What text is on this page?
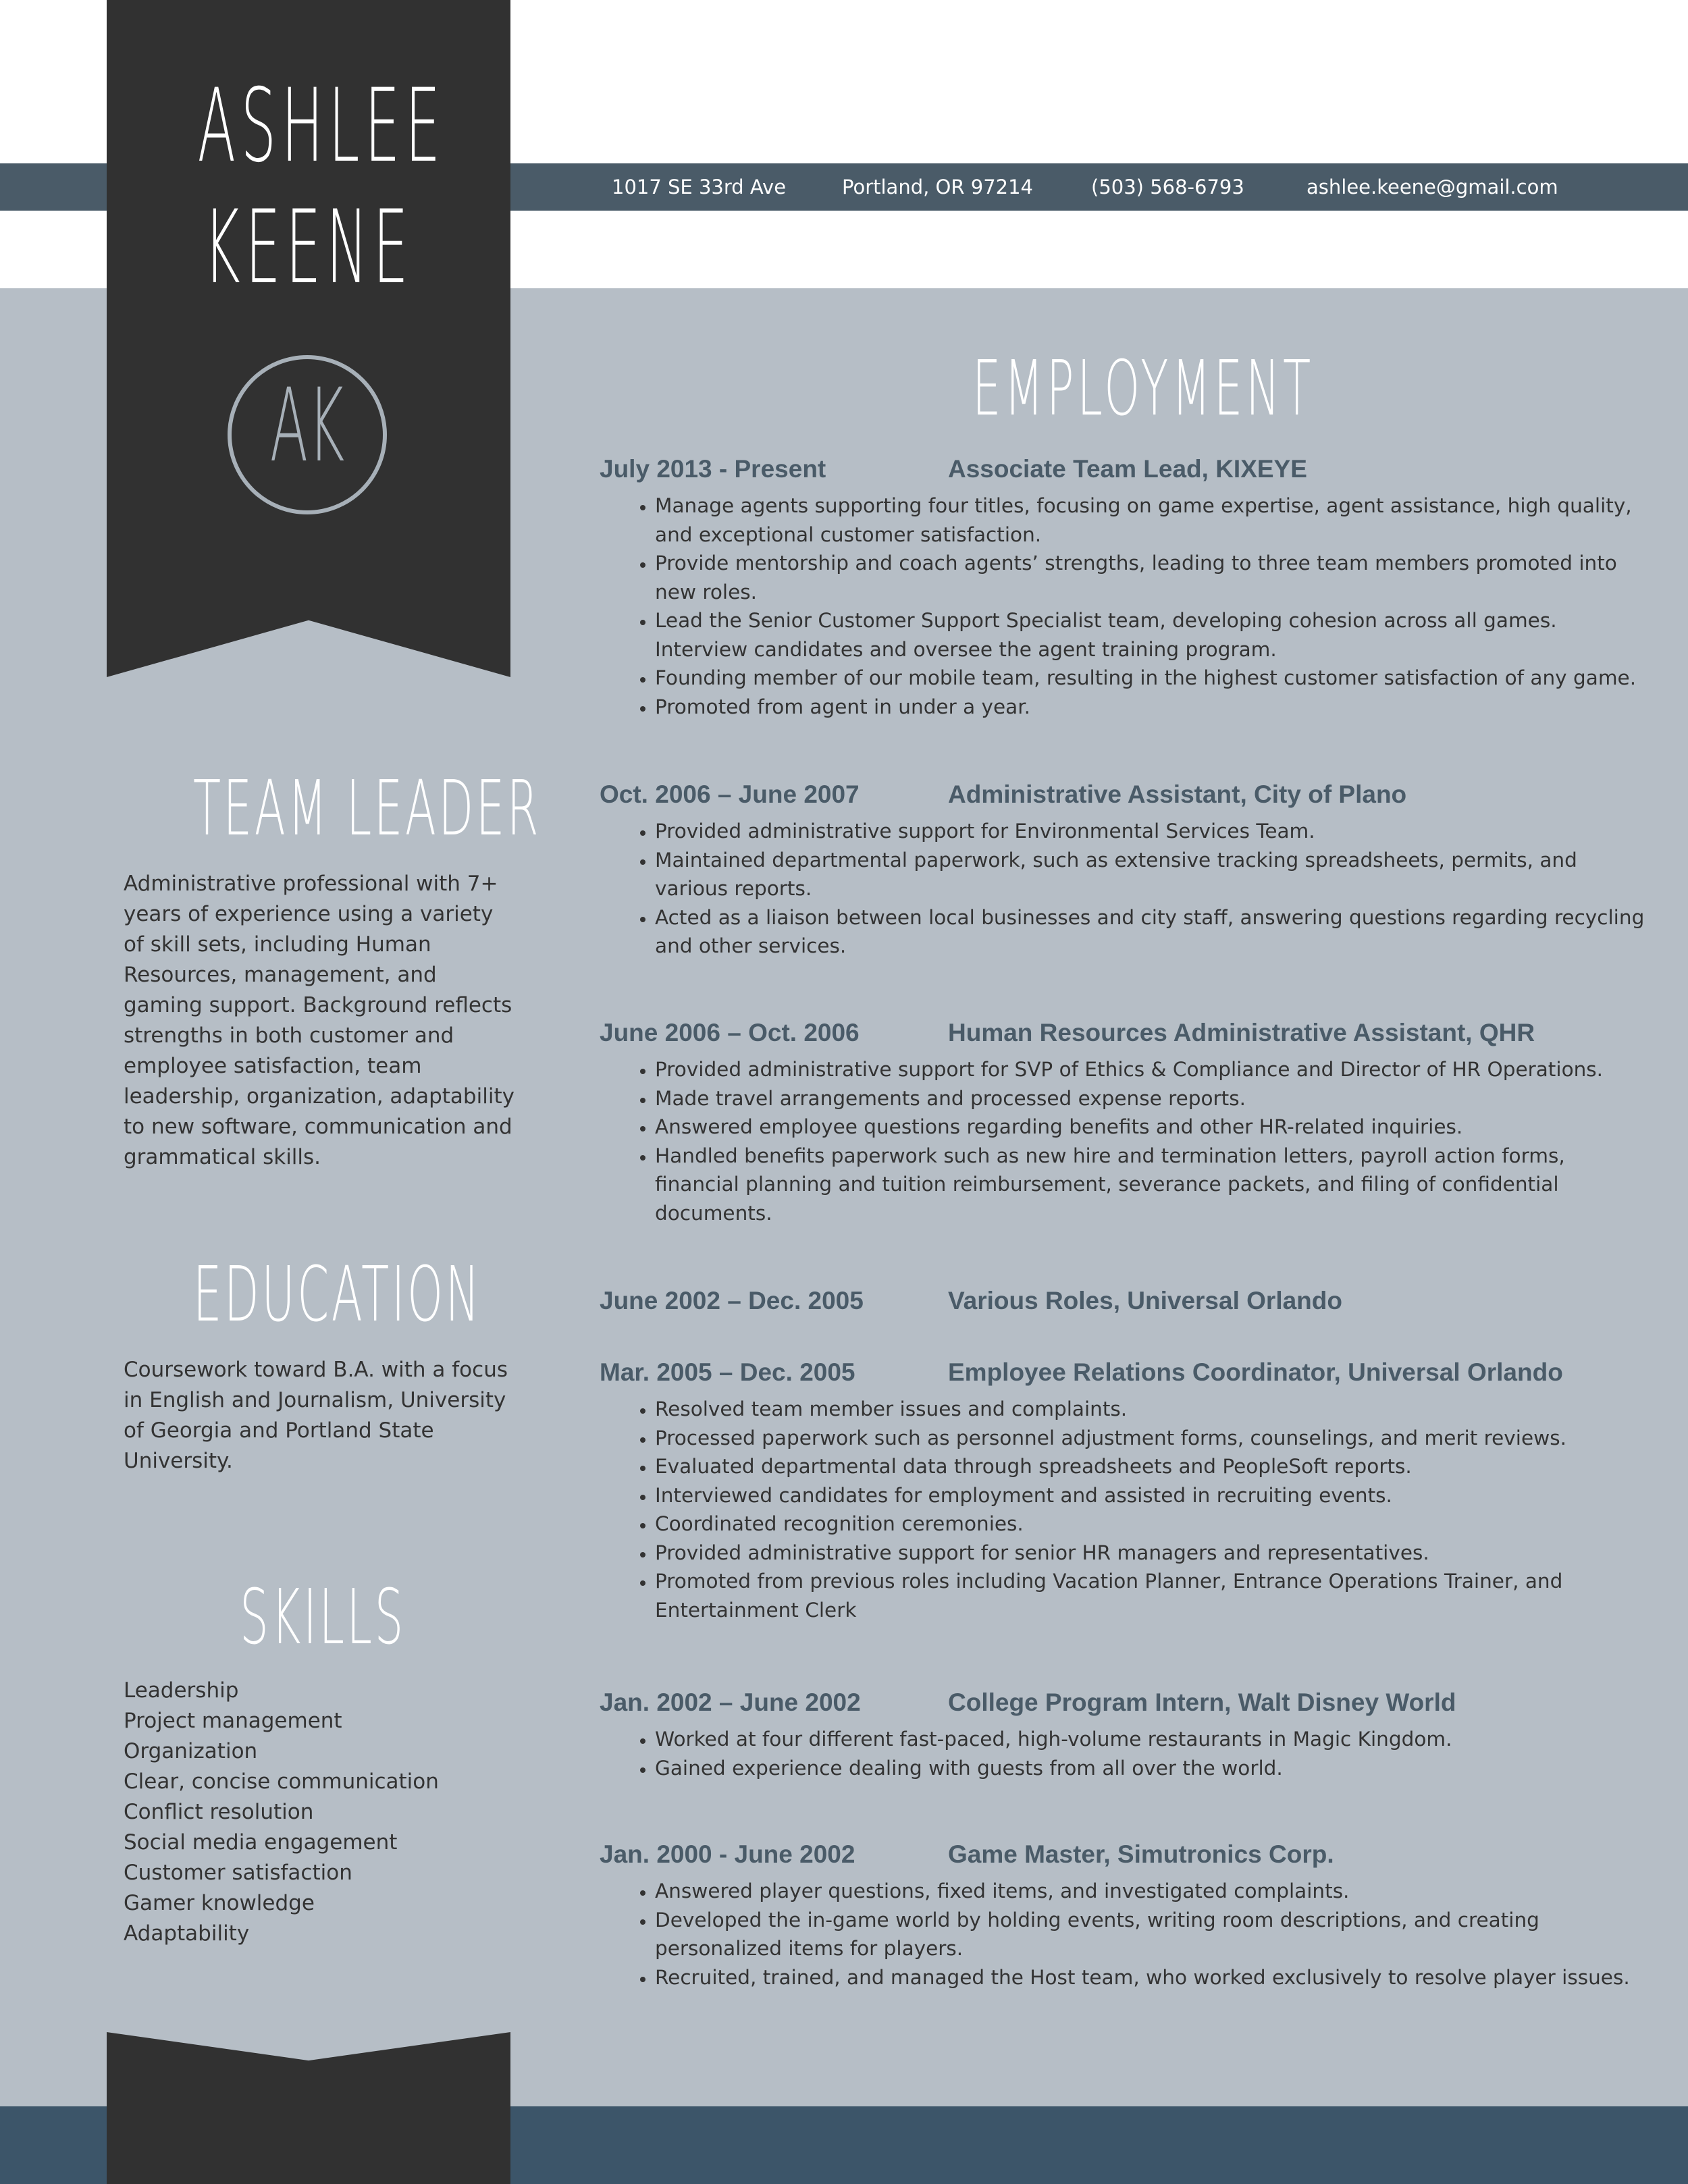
1017 SE 33rd Ave	Portland, OR 97214	(503) 568-6793	ashlee.keene@gmail.com
ASHLEE
KEENE
AK
TEAM LEADER
Administrative professional with 7+ years of experience using a variety of skill sets, including Human Resources, management, and gaming support. Background reflects strengths in both customer and employee satisfaction, team leadership, organization, adaptability to new software, communication and grammatical skills.
EDUCATION
Coursework toward B.A. with a focus in English and Journalism, University of Georgia and Portland State University.
SKILLS
Leadership
Project management
Organization
Clear, concise communication
Conflict resolution
Social media engagement
Customer satisfaction
Gamer knowledge
Adaptability
EMPLOYMENT
July 2013 - Present	Associate Team Lead, KIXEYE
• Manage agents supporting four titles, focusing on game expertise, agent assistance, high quality, and exceptional customer satisfaction.
• Provide mentorship and coach agents’ strengths, leading to three team members promoted into new roles.
• Lead the Senior Customer Support Specialist team, developing cohesion across all games. Interview candidates and oversee the agent training program.
• Founding member of our mobile team, resulting in the highest customer satisfaction of any game.
• Promoted from agent in under a year.
Oct. 2006 – June 2007	Administrative Assistant, City of Plano
• Provided administrative support for Environmental Services Team.
• Maintained departmental paperwork, such as extensive tracking spreadsheets, permits, and various reports.
• Acted as a liaison between local businesses and city staff, answering questions regarding recycling and other services.
June 2006 – Oct. 2006	Human Resources Administrative Assistant, QHR
• Provided administrative support for SVP of Ethics & Compliance and Director of HR Operations.
• Made travel arrangements and processed expense reports.
• Answered employee questions regarding benefits and other HR-related inquiries.
• Handled benefits paperwork such as new hire and termination letters, payroll action forms, financial planning and tuition reimbursement, severance packets, and filing of confidential documents.
June 2002 – Dec. 2005	Various Roles, Universal Orlando
Mar. 2005 – Dec. 2005	Employee Relations Coordinator, Universal Orlando
• Resolved team member issues and complaints.
• Processed paperwork such as personnel adjustment forms, counselings, and merit reviews.
• Evaluated departmental data through spreadsheets and PeopleSoft reports.
• Interviewed candidates for employment and assisted in recruiting events.
• Coordinated recognition ceremonies.
• Provided administrative support for senior HR managers and representatives.
• Promoted from previous roles including Vacation Planner, Entrance Operations Trainer, and Entertainment Clerk
Jan. 2002 – June 2002	College Program Intern, Walt Disney World
• Worked at four different fast-paced, high-volume restaurants in Magic Kingdom.
• Gained experience dealing with guests from all over the world.
Jan. 2000 - June 2002	Game Master, Simutronics Corp.
• Answered player questions, fixed items, and investigated complaints.
• Developed the in-game world by holding events, writing room descriptions, and creating personalized items for players.
• Recruited, trained, and managed the Host team, who worked exclusively to resolve player issues.
